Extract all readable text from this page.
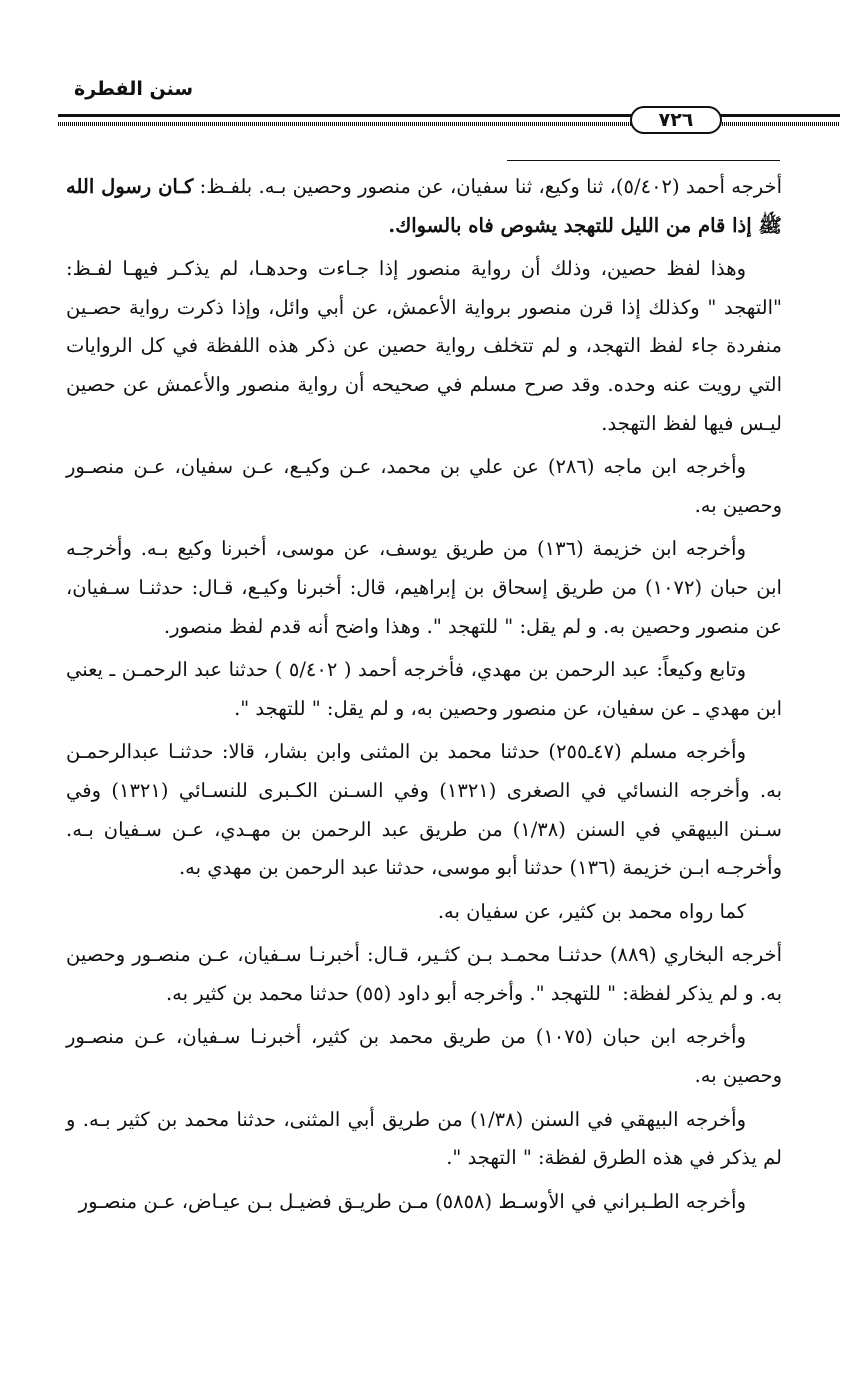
سنن الفطرة
٧٢٦

أخرجه أحمد (٥/٤٠٢)، ثنا وكيع، ثنا سفيان، عن منصور وحصين بـه. بلفـظ: كـان رسول الله ﷺ إذا قام من الليل للتهجد يشوص فاه بالسواك.

وهذا لفظ حصين، وذلك أن رواية منصور إذا جـاءت وحدهـا، لم يذكـر فيهـا لفـظ: "التهجد " وكذلك إذا قرن منصور برواية الأعمش، عن أبي وائل، وإذا ذكرت رواية حصـين منفردة جاء لفظ التهجد، و لم تتخلف رواية حصين عن ذكر هذه اللفظة في كل الروايات التي رويت عنه وحده. وقد صرح مسلم في صحيحه أن رواية منصور والأعمش عن حصين ليـس فيها لفظ التهجد.

وأخرجه ابن ماجه (٢٨٦) عن علي بن محمد، عـن وكيـع، عـن سفيان، عـن منصـور وحصين به.

وأخرجه ابن خزيمة (١٣٦) من طريق يوسف، عن موسى، أخبرنا وكيع بـه. وأخرجـه ابن حبان (١٠٧٢) من طريق إسحاق بن إبراهيم، قال: أخبرنا وكيـع، قـال: حدثنـا سـفيان، عن منصور وحصين به. و لم يقل: " للتهجد ". وهذا واضح أنه قدم لفظ منصور.

وتابع وكيعاً: عبد الرحمن بن مهدي، فأخرجه أحمد ( ٥/٤٠٢ ) حدثنا عبد الرحمـن ـ يعني ابن مهدي ـ عن سفيان، عن منصور وحصين به، و لم يقل: " للتهجد ".

وأخرجه مسلم (٤٧ـ٢٥٥) حدثنا محمد بن المثنى وابن بشار، قالا: حدثنـا عبدالرحمـن به. وأخرجه النسائي في الصغرى (١٣٢١) وفي السـنن الكـبرى للنسـائي (١٣٢١) وفي سـنن البيهقي في السنن (١/٣٨) من طريق عبد الرحمن بن مهـدي، عـن سـفيان بـه. وأخرجـه ابـن خزيمة (١٣٦) حدثنا أبو موسى، حدثنا عبد الرحمن بن مهدي به.

كما رواه محمد بن كثير، عن سفيان به.

أخرجه البخاري (٨٨٩) حدثنـا محمـد بـن كثـير، قـال: أخبرنـا سـفيان، عـن منصـور وحصين به. و لم يذكر لفظة: " للتهجد ". وأخرجه أبو داود (٥٥) حدثنا محمد بن كثير به.

وأخرجه ابن حبان (١٠٧٥) من طريق محمد بن كثير، أخبرنـا سـفيان، عـن منصـور وحصين به.

وأخرجه البيهقي في السنن (١/٣٨) من طريق أبي المثنى، حدثنا محمد بن كثير بـه. و لم يذكر في هذه الطرق لفظة: " التهجد ".

وأخرجه الطـبراني في الأوسـط (٥٨٥٨) مـن طريـق فضيـل بـن عيـاض، عـن منصـور
